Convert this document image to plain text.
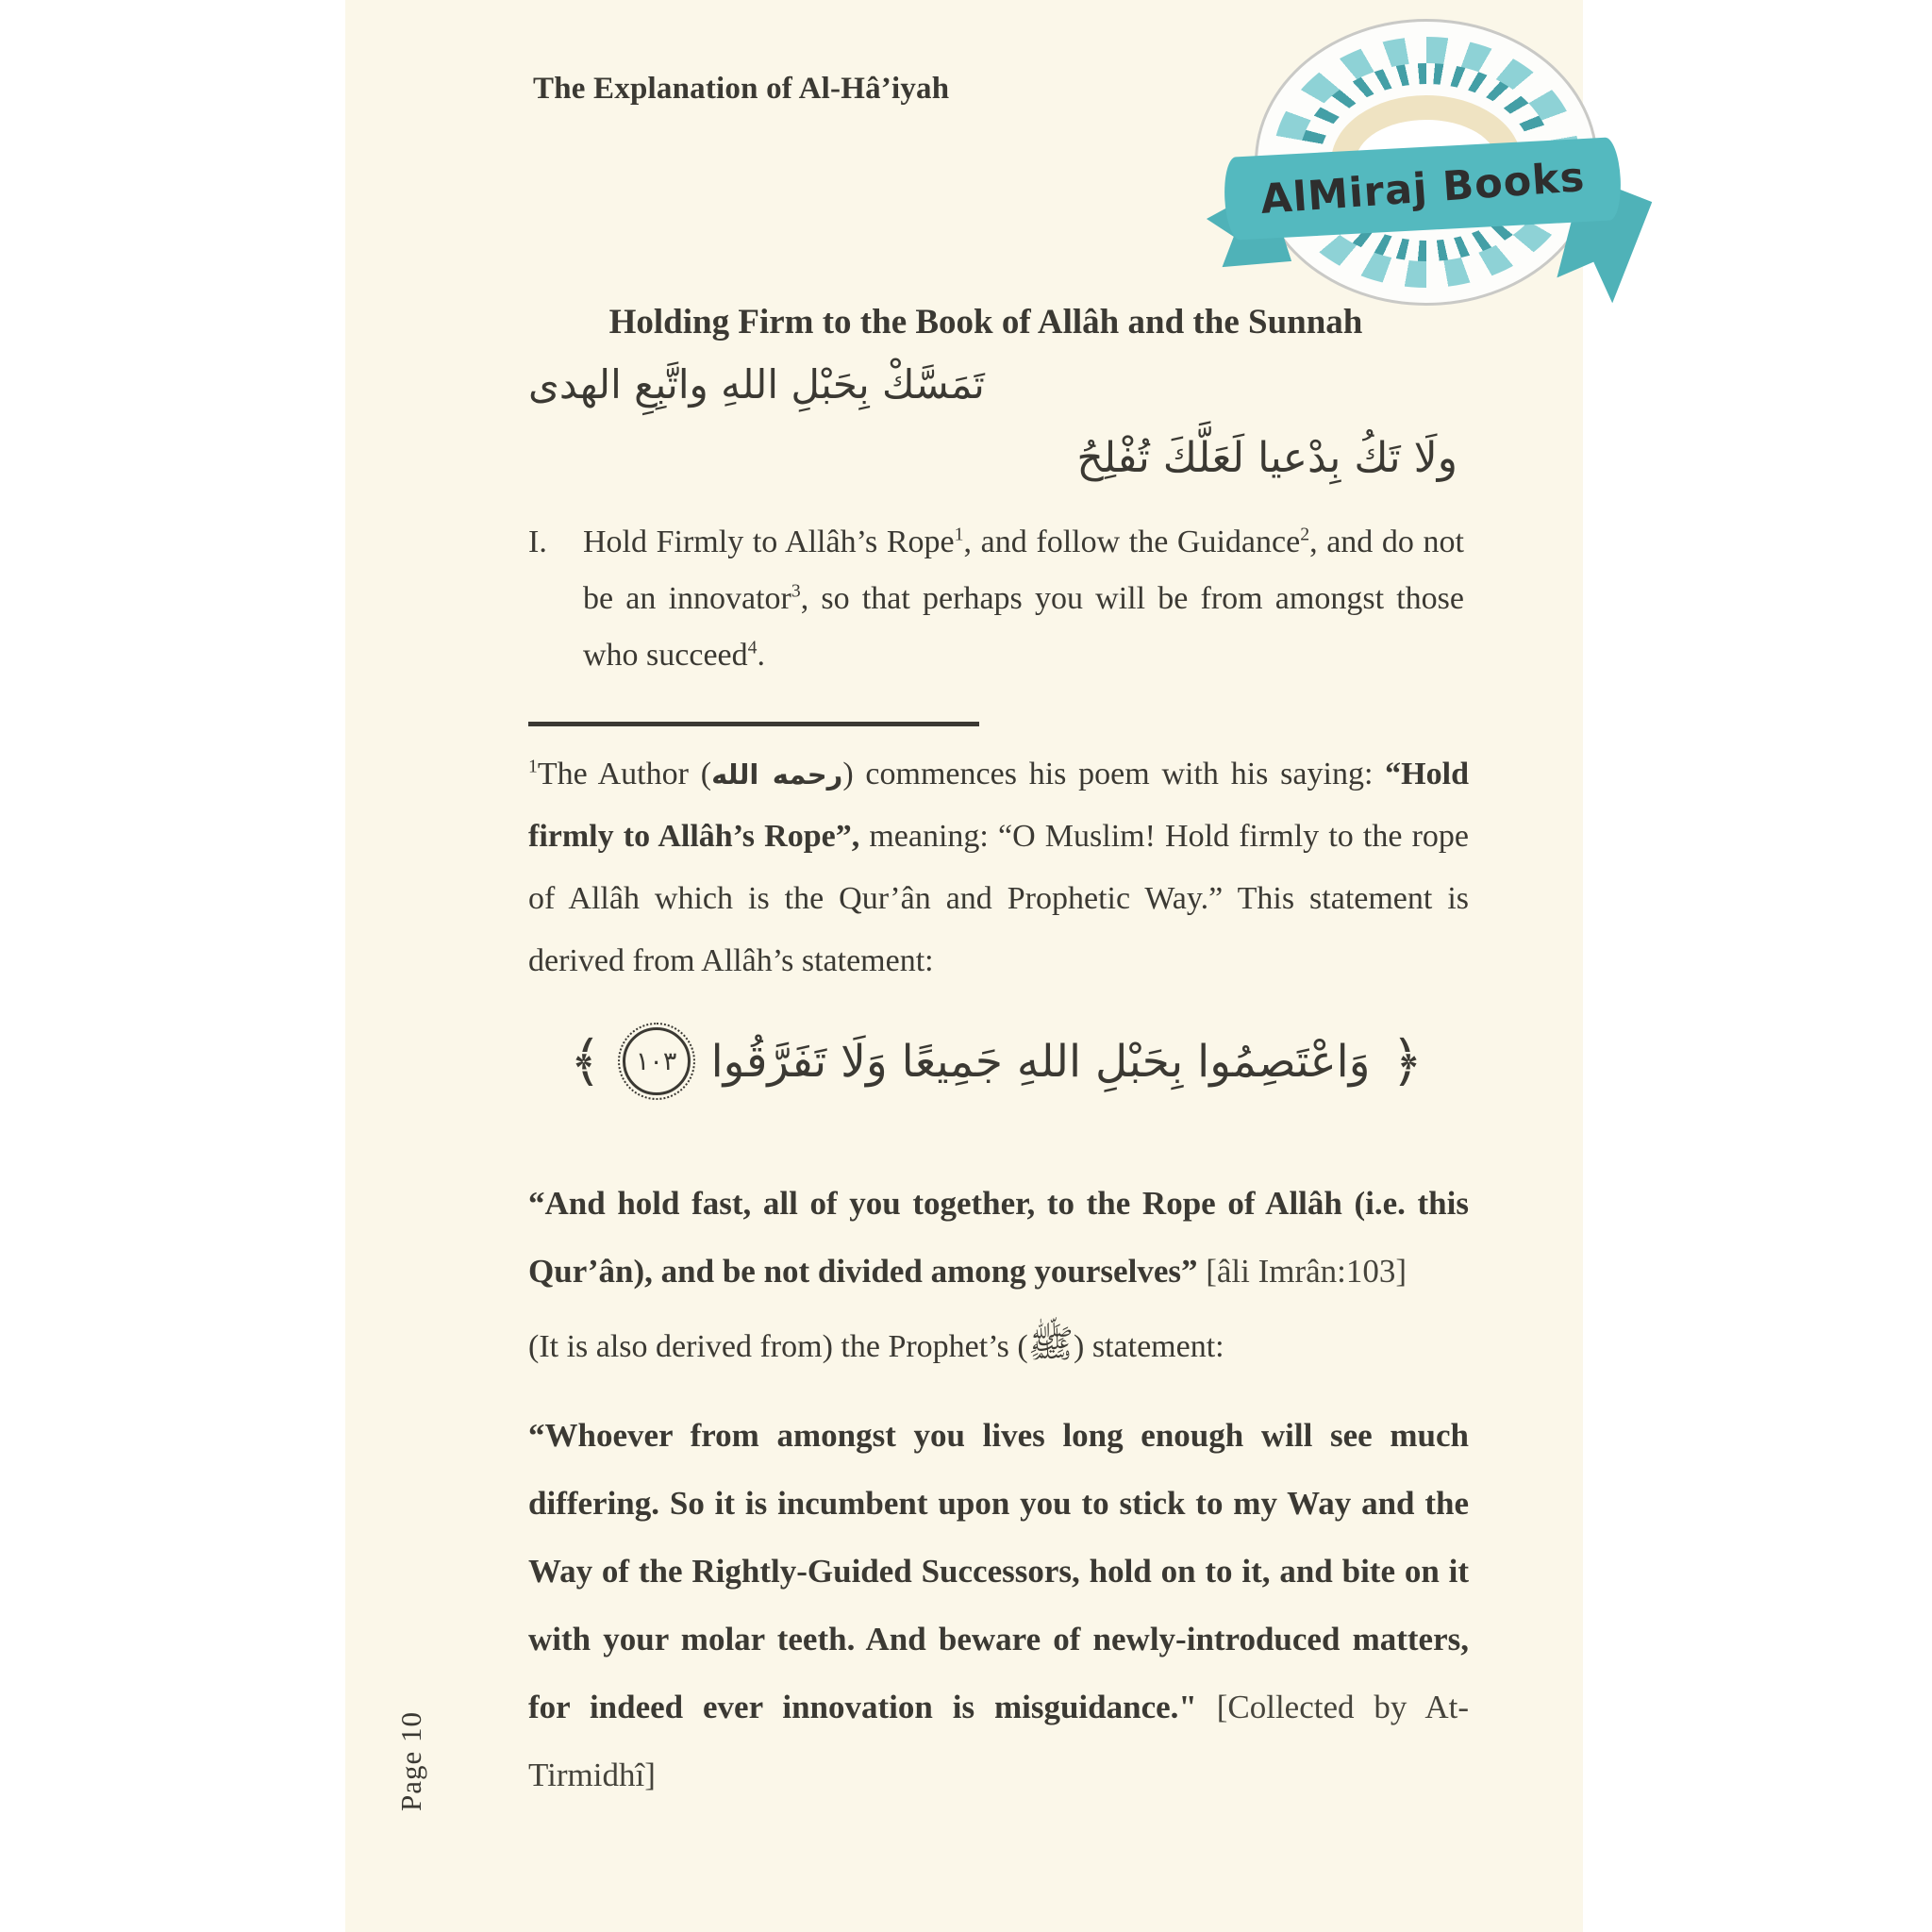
The Explanation of Al-Hâ’iyah
Holding Firm to the Book of Allâh and the Sunnah
تَمَسَّكْ بِحَبْلِ اللهِ واتَّبِعِ الهدى
ولَا تَكُ بِدْعيا لَعَلَّكَ تُفْلِحُ
I.	Hold Firmly to Allâh’s Rope$^1$, and follow the Guidance$^2$, and do not be an innovator$^3$, so that perhaps you will be from amongst those who succeed$^4$.

$^1$The Author (رحمه الله) commences his poem with his saying: “Hold firmly to Allâh’s Rope”, meaning: “O Muslim! Hold firmly to the rope of Allâh which is the Qur’ân and Prophetic Way.” This statement is derived from Allâh’s statement:

﴾	١٠٣ وَاعْتَصِمُوا بِحَبْلِ اللهِ جَمِيعًا وَلَا تَفَرَّقُوا ﴿

“And hold fast, all of you together, to the Rope of Allâh (i.e. this Qur’ân), and be not divided among yourselves” [âli Imrân:103]

(It is also derived from) the Prophet’s (ﷺ) statement:

“Whoever from amongst you lives long enough will see much differing. So it is incumbent upon you to stick to my Way and the Way of the Rightly-Guided Successors, hold on to it, and bite on it with your molar teeth. And beware of newly-introduced matters, for indeed ever innovation is misguidance." [Collected by At-Tirmidhî]

Page 10
AlMiraj Books
